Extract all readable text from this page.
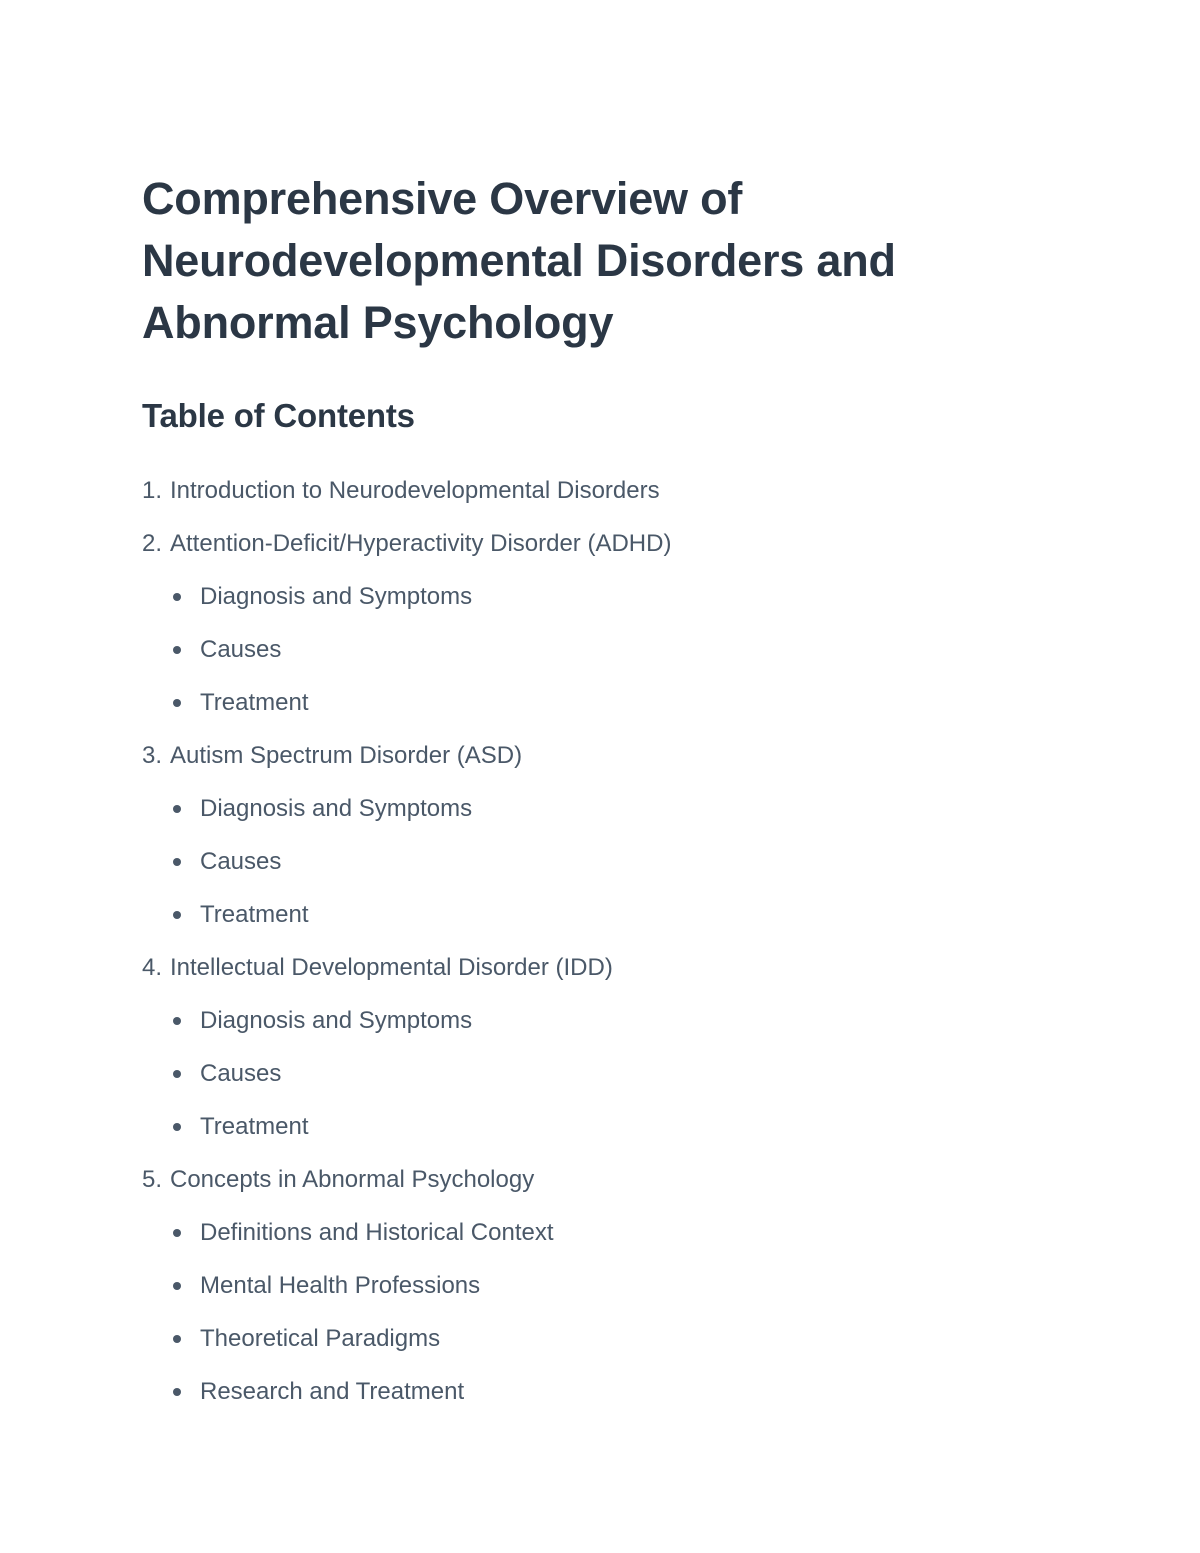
Comprehensive Overview of
Neurodevelopmental Disorders and
Abnormal Psychology
Table of Contents
1. Introduction to Neurodevelopmental Disorders
2. Attention-Deficit/Hyperactivity Disorder (ADHD)
Diagnosis and Symptoms
Causes
Treatment
3. Autism Spectrum Disorder (ASD)
Diagnosis and Symptoms
Causes
Treatment
4. Intellectual Developmental Disorder (IDD)
Diagnosis and Symptoms
Causes
Treatment
5. Concepts in Abnormal Psychology
Definitions and Historical Context
Mental Health Professions
Theoretical Paradigms
Research and Treatment
